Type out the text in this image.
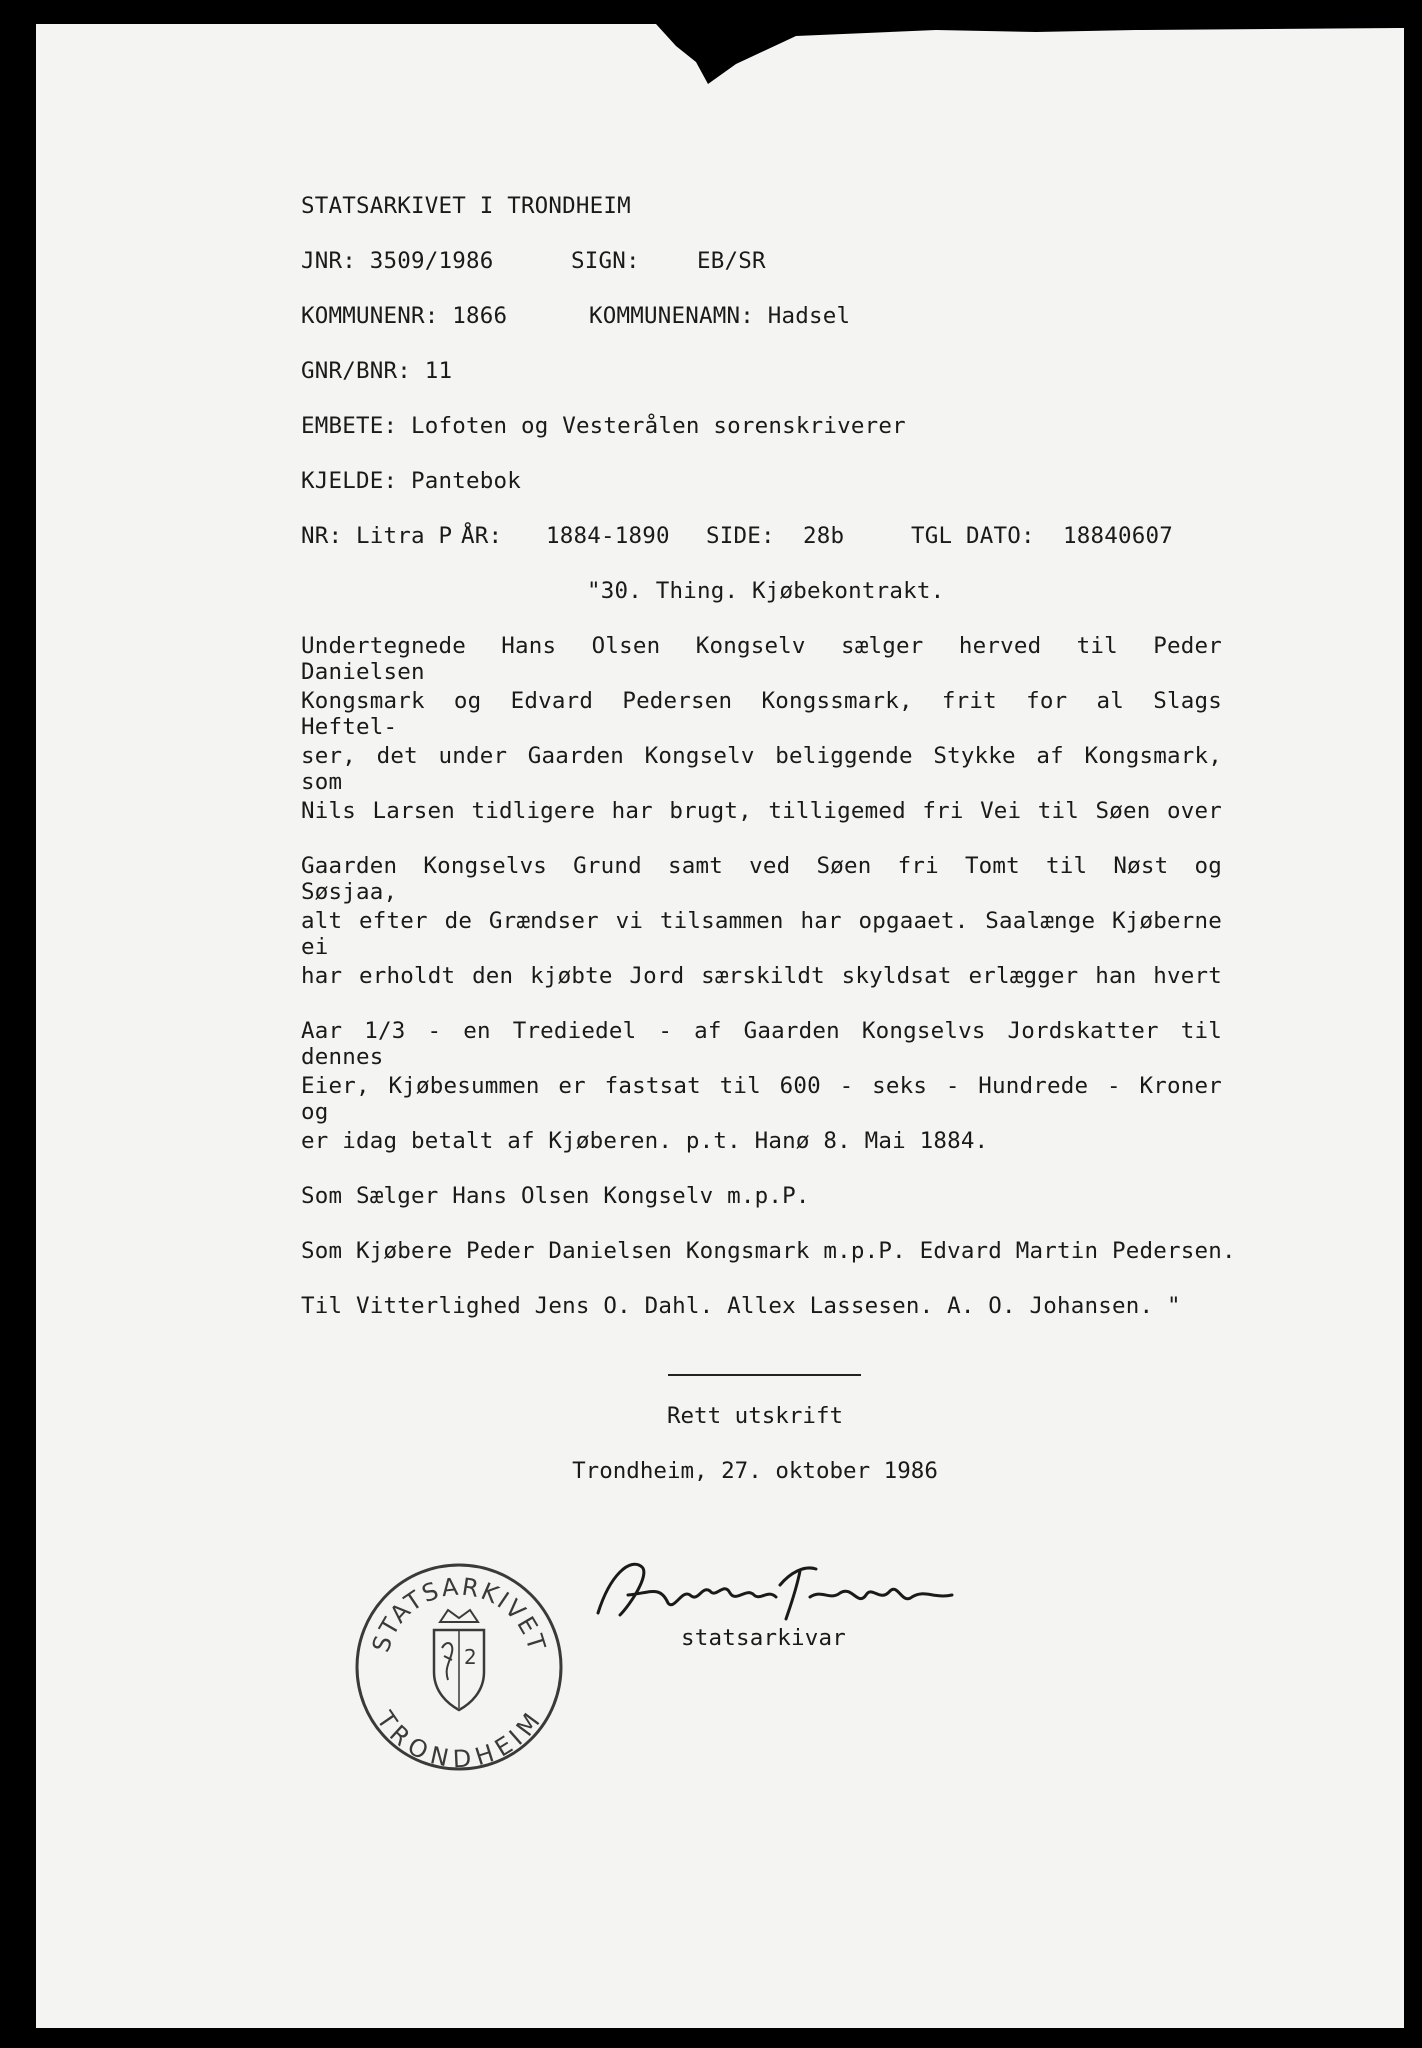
STATSARKIVET I TRONDHEIM
JNR: 3509/1986	SIGN:	EB/SR
KOMMUNENR: 1866	KOMMUNENAMN: Hadsel
GNR/BNR: 11
EMBETE: Lofoten og Vesterålen sorenskriverer
KJELDE: Pantebok
NR: Litra P ÅR: 1884-1890 SIDE: 28b	TGL DATO: 18840607
"30. Thing. Kjøbekontrakt.
Undertegnede Hans Olsen Kongselv sælger herved til Peder Danielsen
Kongsmark og Edvard Pedersen Kongssmark, frit for al Slags Heftel-
ser, det under Gaarden Kongselv beliggende Stykke af Kongsmark, som
Nils Larsen tidligere har brugt, tilligemed fri Vei til Søen over
Gaarden Kongselvs Grund samt ved Søen fri Tomt til Nøst og Søsjaa,
alt efter de Grændser vi tilsammen har opgaaet. Saalænge Kjøberne ei
har erholdt den kjøbte Jord særskildt skyldsat erlægger han hvert
Aar 1/3 - en Trediedel - af Gaarden Kongselvs Jordskatter til dennes
Eier, Kjøbesummen er fastsat til 600 - seks - Hundrede - Kroner og
er idag betalt af Kjøberen. p.t. Hanø 8. Mai 1884.
Som Sælger Hans Olsen Kongselv m.p.P.
Som Kjøbere Peder Danielsen Kongsmark m.p.P. Edvard Martin Pedersen.
Til Vitterlighed Jens O. Dahl. Allex Lassesen. A. O. Johansen. "
Rett utskrift
Trondheim, 27. oktober 1986
statsarkivar
STATSARKIVET
TRONDHEIM
2
